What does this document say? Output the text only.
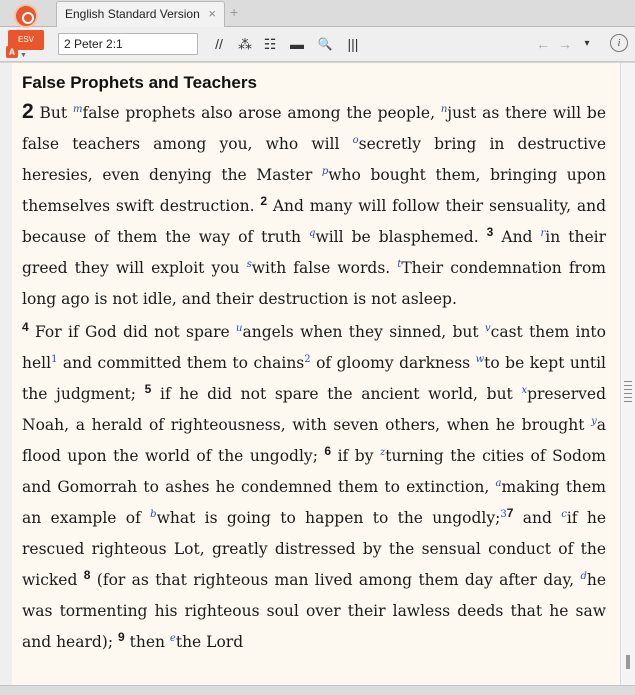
English Standard Version × +
ESV
A ▼
2 Peter 2:1
//	⁂ ☷ ▬ 🔍 |||	← →	▾	i
False Prophets and Teachers
2 But $^m$false prophets also arose among the people, $^n$just as there will be false teachers among you, who will $^o$secretly bring in destructive heresies, even denying the Master $^p$who bought them, bringing upon themselves swift destruction. $^2$ And many will follow their sensuality, and because of them the way of truth $^q$will be blasphemed. $^3$ And $^r$in their greed they will exploit you $^s$with false words. $^t$Their condemnation from long ago is not idle, and their destruction is not asleep.
$^4$ For if God did not spare $^u$angels when they sinned, but $^v$cast them into hell$^1$ and committed them to chains$^2$ of gloomy darkness $^w$to be kept until the judgment; $^5$ if he did not spare the ancient world, but $^x$preserved Noah, a herald of righteousness, with seven others, when he brought $^y$a flood upon the world of the ungodly; $^6$ if by $^z$turning the cities of Sodom and Gomorrah to ashes he condemned them to extinction, $^a$making them an example of $^b$what is going to happen to the ungodly;$^{37}$ and $^c$if he rescued righteous Lot, greatly distressed by the sensual conduct of the wicked $^8$ (for as that righteous man lived among them day after day, $^d$he was tormenting his righteous soul over their lawless deeds that he saw and heard); $^9$ then $^e$the Lord
